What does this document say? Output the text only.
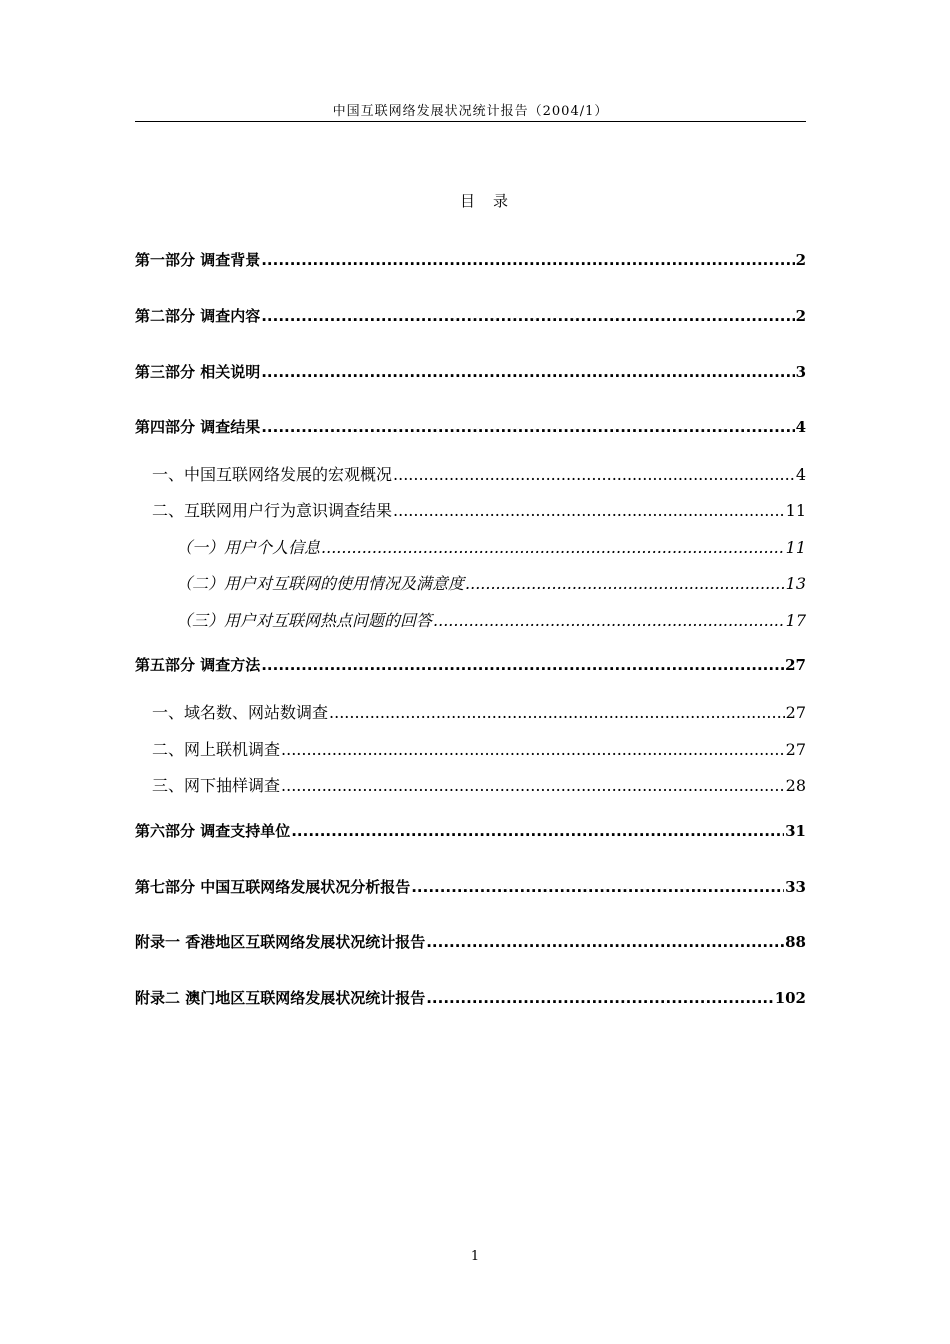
中国互联网络发展状况统计报告（2004/1）
目录
第一部分 调查背景 .....	2
第二部分 调查内容 .....	2
第三部分 相关说明 .....	3
第四部分 调查结果 .....	4
一、中国互联网络发展的宏观概况 .....	4
二、互联网用户行为意识调查结果 .....	11
（一）用户个人信息 .....	11
（二）用户对互联网的使用情况及满意度 .....	13
（三）用户对互联网热点问题的回答 .....	17
第五部分 调查方法 .....	27
一、域名数、网站数调查 .....	27
二、网上联机调查 .....	27
三、网下抽样调查 .....	28
第六部分 调查支持单位 .....	31
第七部分 中国互联网络发展状况分析报告 .....	33
附录一 香港地区互联网络发展状况统计报告 .....	88
附录二 澳门地区互联网络发展状况统计报告 .....	102
1
